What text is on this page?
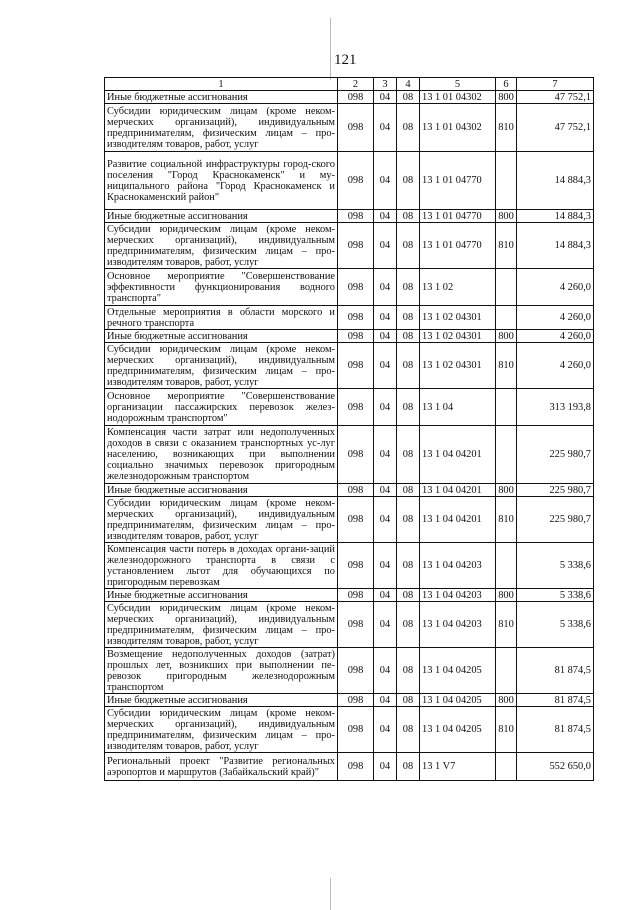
121
1	2	3	4	5	6	7
Иные бюджетные ассигнования	098	04	08	13 1 01 04302	800	47 752,1
Субсидии юридическим лицам (кроме неком-мерческих организаций), индивидуальным предпринимателям, физическим лицам – про-изводителям товаров, работ, услуг	098	04	08	13 1 01 04302	810	47 752,1
Развитие социальной инфраструктуры город-ского поселения "Город Краснокаменск" и му-ниципального района "Город Краснокаменск и Краснокаменский район"	098	04	08	13 1 01 04770		14 884,3
Иные бюджетные ассигнования	098	04	08	13 1 01 04770	800	14 884,3
Субсидии юридическим лицам (кроме неком-мерческих организаций), индивидуальным предпринимателям, физическим лицам – про-изводителям товаров, работ, услуг	098	04	08	13 1 01 04770	810	14 884,3
Основное мероприятие "Совершенствование эффективности функционирования водного транспорта"	098	04	08	13 1 02		4 260,0
Отдельные мероприятия в области морского и речного транспорта	098	04	08	13 1 02 04301		4 260,0
Иные бюджетные ассигнования	098	04	08	13 1 02 04301	800	4 260,0
Субсидии юридическим лицам (кроме неком-мерческих организаций), индивидуальным предпринимателям, физическим лицам – про-изводителям товаров, работ, услуг	098	04	08	13 1 02 04301	810	4 260,0
Основное мероприятие "Совершенствование организации пассажирских перевозок желез-нодорожным транспортом"	098	04	08	13 1 04		313 193,8
Компенсация части затрат или недополученных доходов в связи с оказанием транспортных ус-луг населению, возникающих при выполнении социально значимых перевозок пригородным железнодорожным транспортом	098	04	08	13 1 04 04201		225 980,7
Иные бюджетные ассигнования	098	04	08	13 1 04 04201	800	225 980,7
Субсидии юридическим лицам (кроме неком-мерческих организаций), индивидуальным предпринимателям, физическим лицам – про-изводителям товаров, работ, услуг	098	04	08	13 1 04 04201	810	225 980,7
Компенсация части потерь в доходах органи-заций железнодорожного транспорта в связи с установлением льгот для обучающихся по пригородным перевозкам	098	04	08	13 1 04 04203		5 338,6
Иные бюджетные ассигнования	098	04	08	13 1 04 04203	800	5 338,6
Субсидии юридическим лицам (кроме неком-мерческих организаций), индивидуальным предпринимателям, физическим лицам – про-изводителям товаров, работ, услуг	098	04	08	13 1 04 04203	810	5 338,6
Возмещение недополученных доходов (затрат) прошлых лет, возникших при выполнении пе-ревозок пригородным железнодорожным транспортом	098	04	08	13 1 04 04205		81 874,5
Иные бюджетные ассигнования	098	04	08	13 1 04 04205	800	81 874,5
Субсидии юридическим лицам (кроме неком-мерческих организаций), индивидуальным предпринимателям, физическим лицам – про-изводителям товаров, работ, услуг	098	04	08	13 1 04 04205	810	81 874,5
Региональный проект "Развитие региональных аэропортов и маршрутов (Забайкальский край)"	098	04	08	13 1 V7		552 650,0
